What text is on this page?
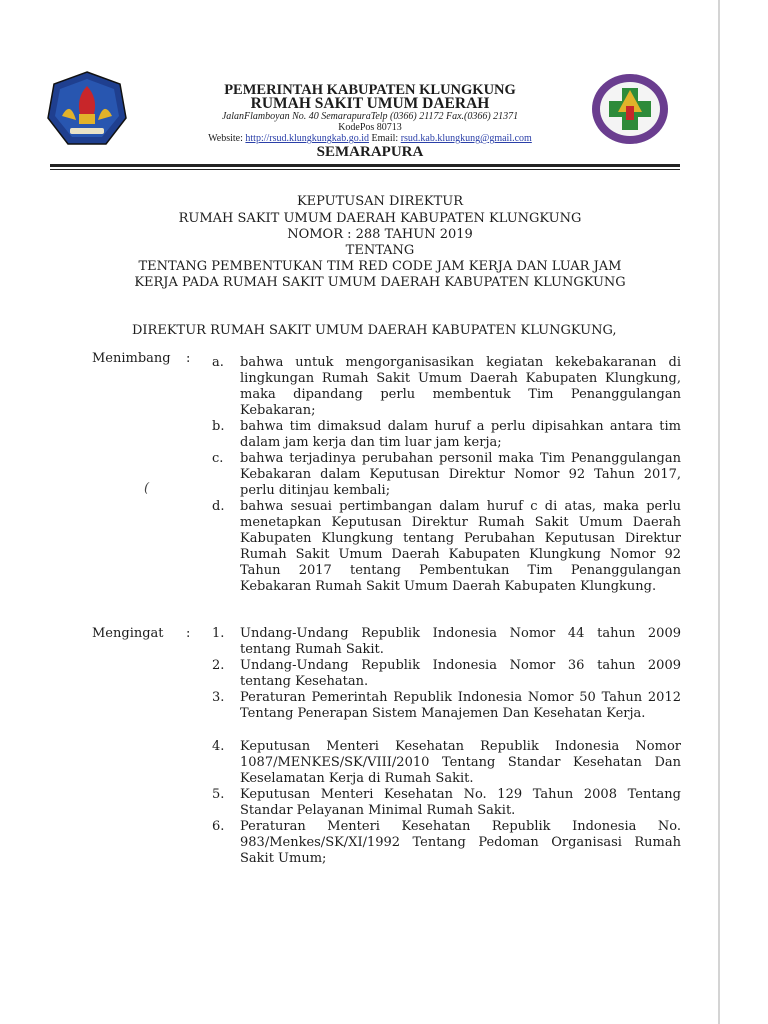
PEMERINTAH KABUPATEN KLUNGKUNG
RUMAH SAKIT UMUM DAERAH
JalanFlamboyan No. 40 SemarapuraTelp (0366) 21172 Fax.(0366) 21371
KodePos 80713
Website: http://rsud.klungkungkab.go.id Email: rsud.kab.klungkung@gmail.com
SEMARAPURA
KEPUTUSAN DIREKTUR
RUMAH SAKIT UMUM DAERAH KABUPATEN KLUNGKUNG
NOMOR : 288 TAHUN 2019
TENTANG
TENTANG PEMBENTUKAN TIM RED CODE JAM KERJA DAN LUAR JAM
KERJA PADA RUMAH SAKIT UMUM DAERAH KABUPATEN KLUNGKUNG
DIREKTUR RUMAH SAKIT UMUM DAERAH KABUPATEN KLUNGKUNG,
(
Menimbang : a. bahwa untuk mengorganisasikan kegiatan kekebakaranan di lingkungan Rumah Sakit Umum Daerah Kabupaten Klungkung, maka dipandang perlu membentuk Tim Penanggulangan Kebakaran;
b. bahwa tim dimaksud dalam huruf a perlu dipisahkan antara tim dalam jam kerja dan tim luar jam kerja;
c. bahwa terjadinya perubahan personil maka Tim Penanggulangan Kebakaran dalam Keputusan Direktur Nomor 92 Tahun 2017, perlu ditinjau kembali;
d. bahwa sesuai pertimbangan dalam huruf c di atas, maka perlu menetapkan Keputusan Direktur Rumah Sakit Umum Daerah Kabupaten Klungkung tentang Perubahan Keputusan Direktur Rumah Sakit Umum Daerah Kabupaten Klungkung Nomor 92 Tahun 2017 tentang Pembentukan Tim Penanggulangan Kebakaran Rumah Sakit Umum Daerah Kabupaten Klungkung.
Mengingat : 1. Undang-Undang Republik Indonesia Nomor 44 tahun 2009 tentang Rumah Sakit.
2. Undang-Undang Republik Indonesia Nomor 36 tahun 2009 tentang Kesehatan.
3. Peraturan Pemerintah Republik Indonesia Nomor 50 Tahun 2012 Tentang Penerapan Sistem Manajemen Dan Kesehatan Kerja.
4. Keputusan Menteri Kesehatan Republik Indonesia Nomor 1087/MENKES/SK/VIII/2010 Tentang Standar Kesehatan Dan Keselamatan Kerja di Rumah Sakit.
5. Keputusan Menteri Kesehatan No. 129 Tahun 2008 Tentang Standar Pelayanan Minimal Rumah Sakit.
6. Peraturan Menteri Kesehatan Republik Indonesia No. 983/Menkes/SK/XI/1992 Tentang Pedoman Organisasi Rumah Sakit Umum;
